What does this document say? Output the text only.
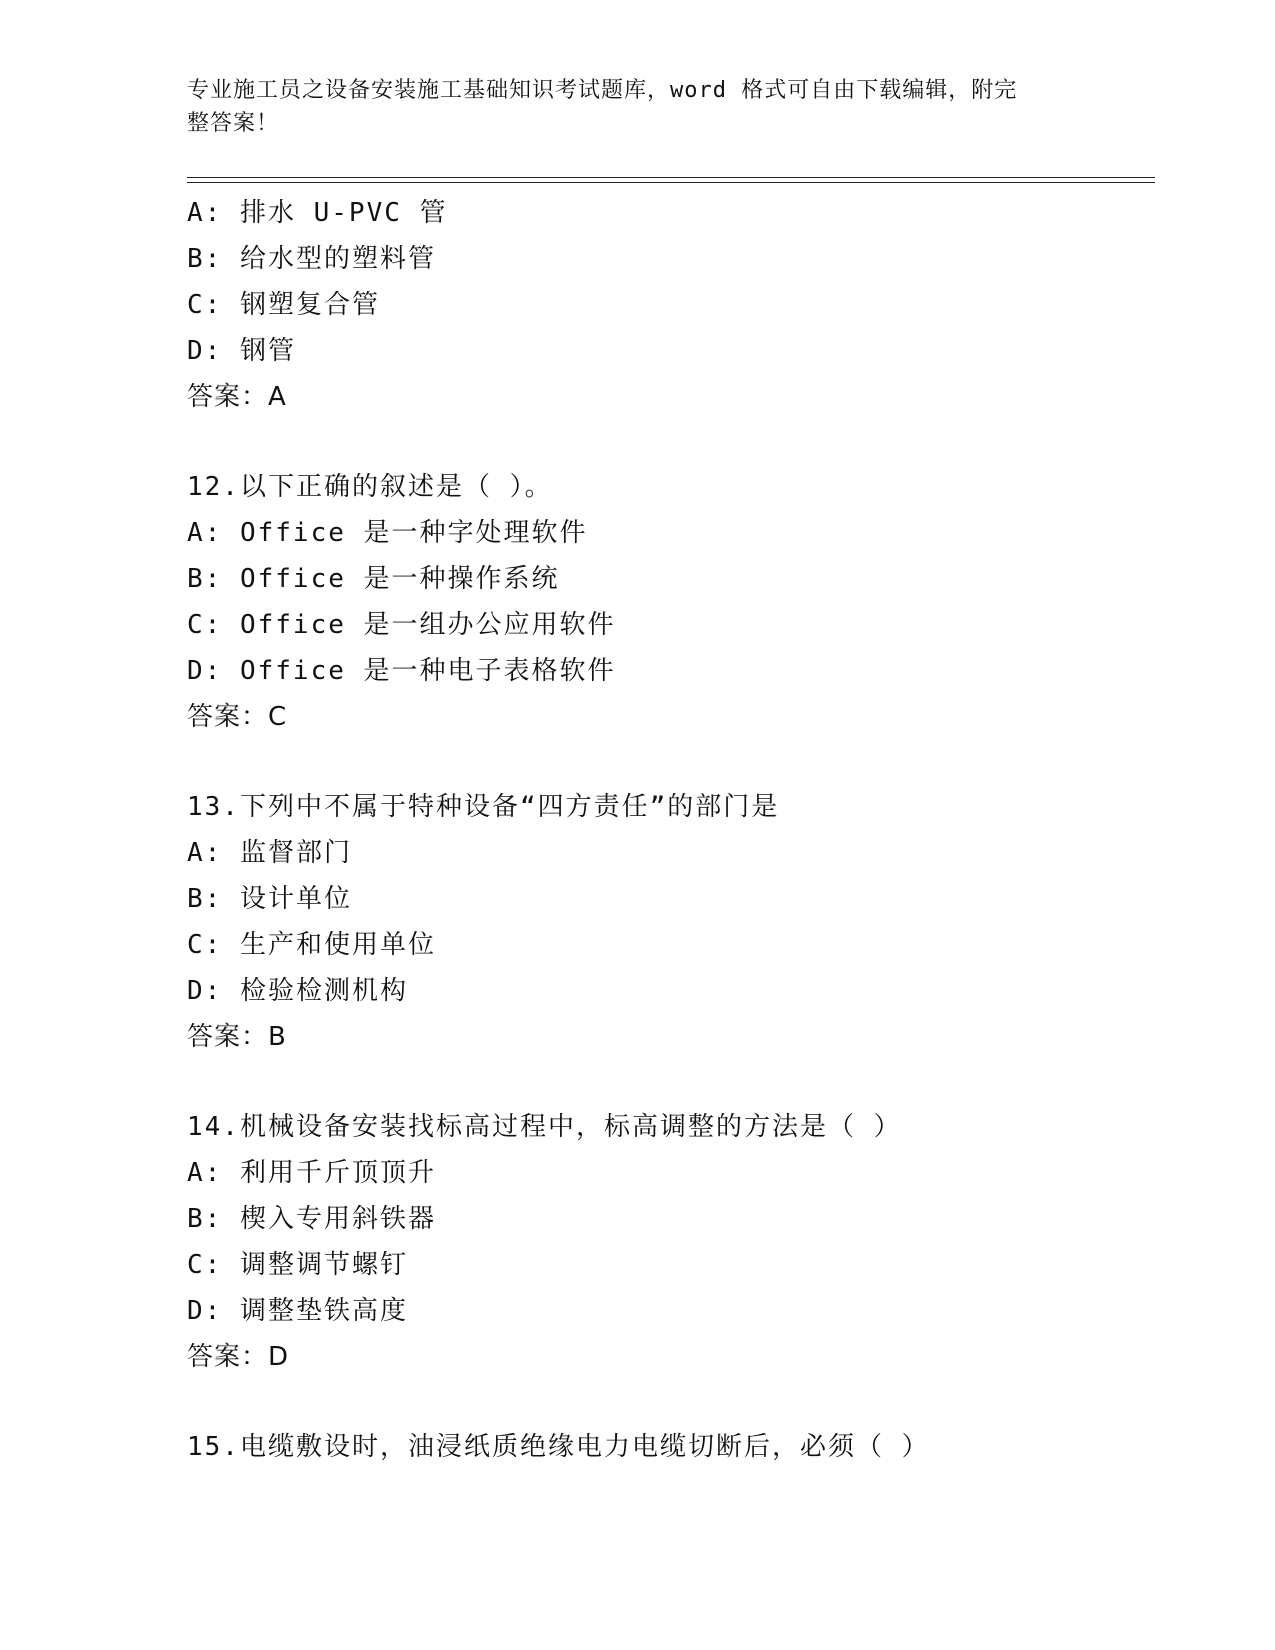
专业施工员之设备安装施工基础知识考试题库，word 格式可自由下载编辑，附完
整答案！
A: 排水 U-PVC 管
B: 给水型的塑料管
C: 钢塑复合管
D: 钢管
答案：A
12.以下正确的叙述是（ ）。
A: Office 是一种字处理软件
B: Office 是一种操作系统
C: Office 是一组办公应用软件
D: Office 是一种电子表格软件
答案：C
13.下列中不属于特种设备“四方责任”的部门是
A: 监督部门
B: 设计单位
C: 生产和使用单位
D: 检验检测机构
答案：B
14.机械设备安装找标高过程中，标高调整的方法是（ ）
A: 利用千斤顶顶升
B: 楔入专用斜铁器
C: 调整调节螺钉
D: 调整垫铁高度
答案：D
15.电缆敷设时，油浸纸质绝缘电力电缆切断后，必须（ ）
